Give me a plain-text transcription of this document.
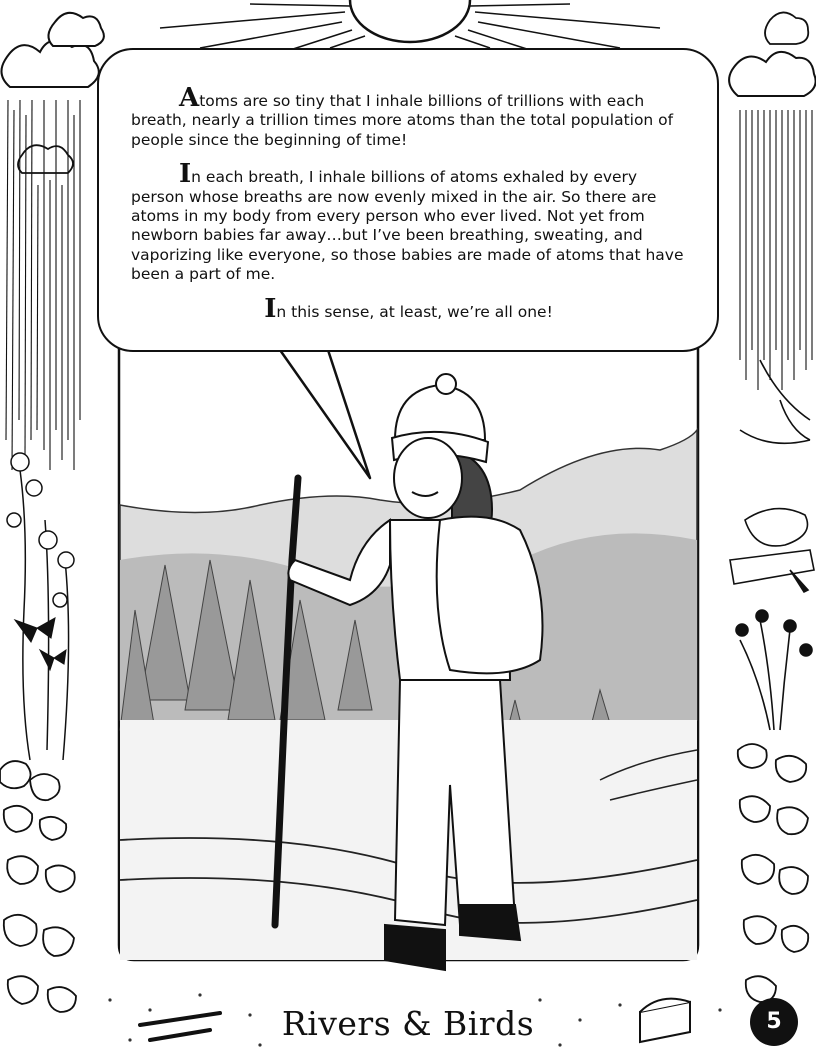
Atoms are so tiny that I inhale billions of trillions with each breath, nearly a trillion times more atoms than the total population of people since the beginning of time!

In each breath, I inhale billions of atoms exhaled by every person whose breaths are now evenly mixed in the air. So there are atoms in my body from every person who ever lived. Not yet from newborn babies far away…but I’ve been breathing, sweating, and vaporizing like everyone, so those babies are made of atoms that have been a part of me.

In this sense, at least, we’re all one!

Rivers & Birds	5
